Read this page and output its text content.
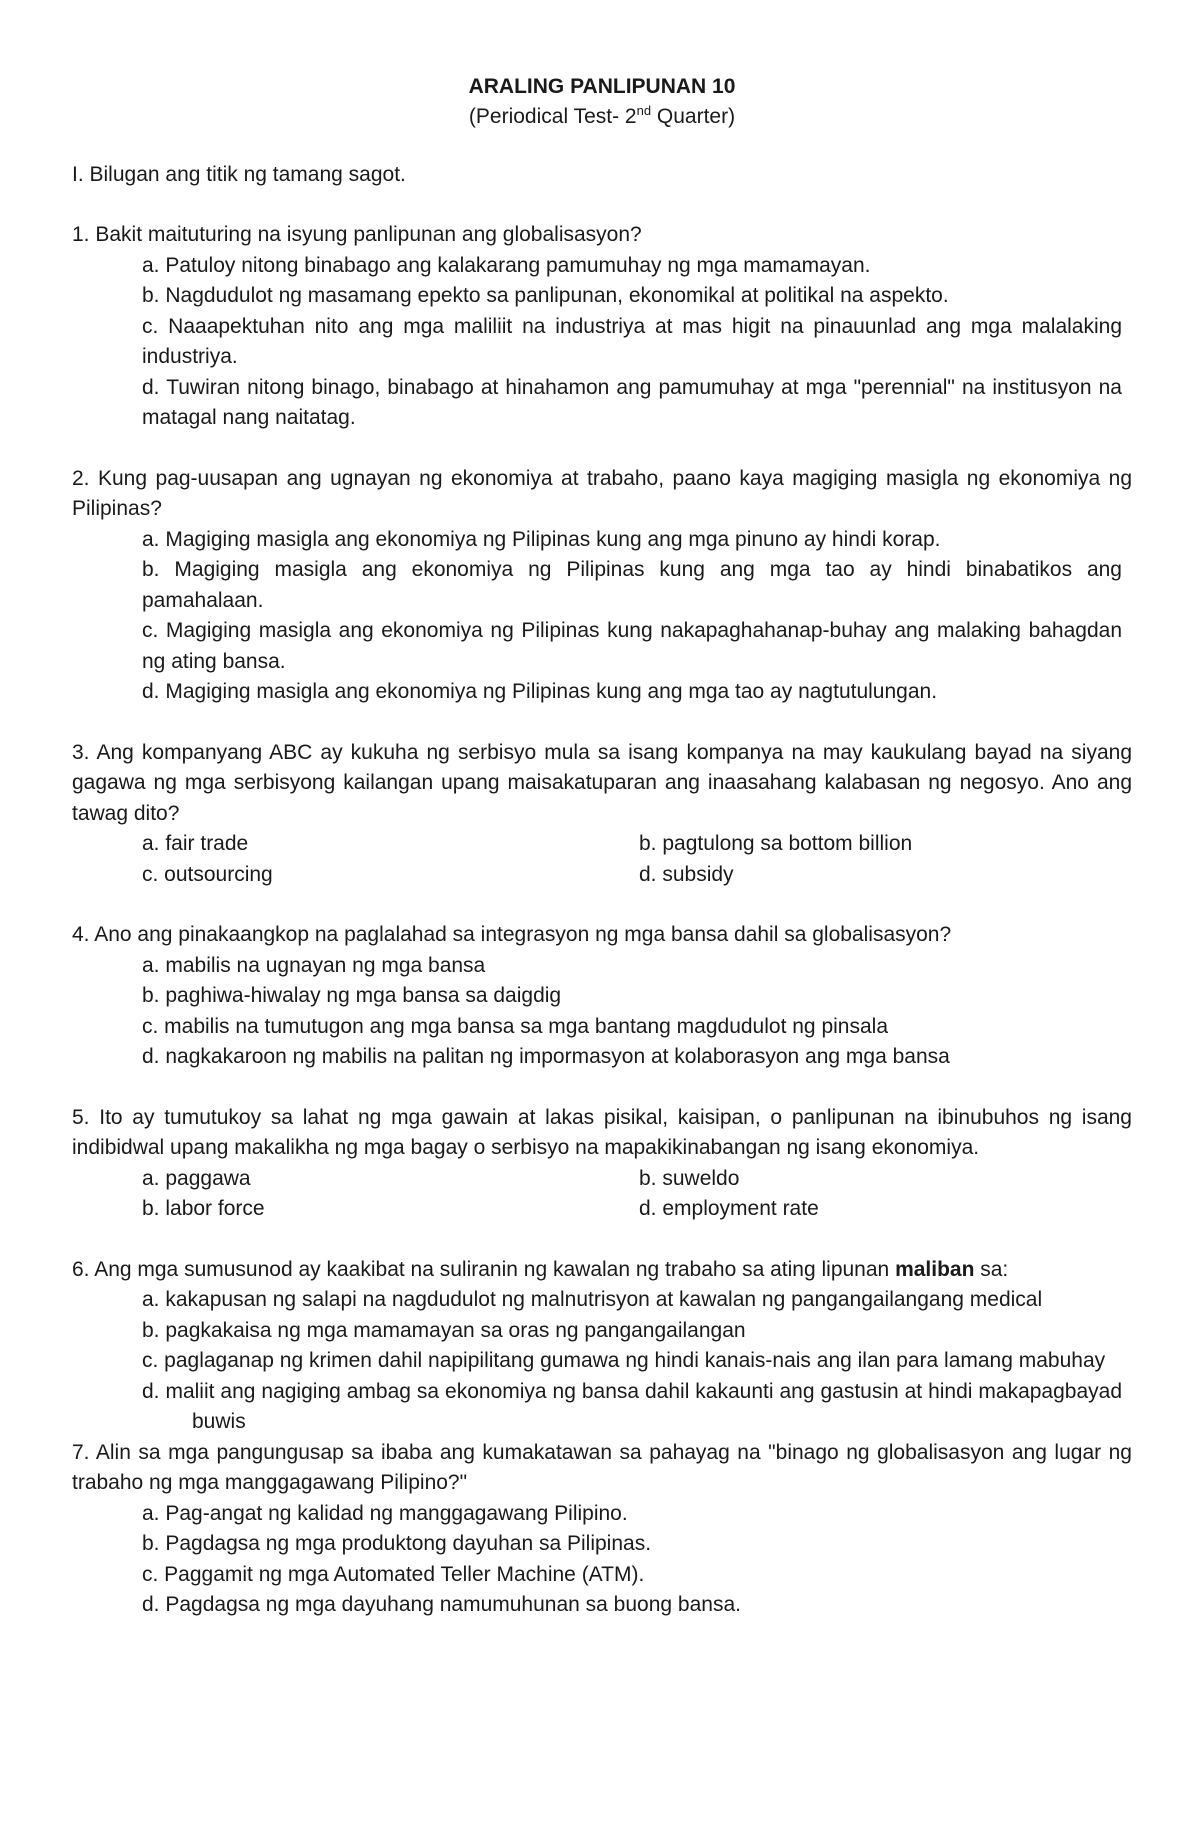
ARALING PANLIPUNAN 10
(Periodical Test- 2nd Quarter)
I. Bilugan ang titik ng tamang sagot.
1. Bakit maituturing na isyung panlipunan ang globalisasyon?
a. Patuloy nitong binabago ang kalakarang pamumuhay ng mga mamamayan.
b. Nagdudulot ng masamang epekto sa panlipunan, ekonomikal at politikal na aspekto.
c. Naaapektuhan nito ang mga maliliit na industriya at mas higit na pinauunlad ang mga malalaking industriya.
d. Tuwiran nitong binago, binabago at hinahamon ang pamumuhay at mga "perennial" na institusyon na matagal nang naitatag.
2. Kung pag-uusapan ang ugnayan ng ekonomiya at trabaho, paano kaya magiging masigla ng ekonomiya ng Pilipinas?
a. Magiging masigla ang ekonomiya ng Pilipinas kung ang mga pinuno ay hindi korap.
b. Magiging masigla ang ekonomiya ng Pilipinas kung ang mga tao ay hindi binabatikos ang pamahalaan.
c. Magiging masigla ang ekonomiya ng Pilipinas kung nakapaghahanap-buhay ang malaking bahagdan ng ating bansa.
d. Magiging masigla ang ekonomiya ng Pilipinas kung ang mga tao ay nagtutulungan.
3. Ang kompanyang ABC ay kukuha ng serbisyo mula sa isang kompanya na may kaukulang bayad na siyang gagawa ng mga serbisyong kailangan upang maisakatuparan ang inaasahang kalabasan ng negosyo. Ano ang tawag dito?
a. fair trade	b. pagtulong sa bottom billion
c. outsourcing	d. subsidy
4. Ano ang pinakaangkop na paglalahad sa integrasyon ng mga bansa dahil sa globalisasyon?
a. mabilis na ugnayan ng mga bansa
b. paghiwa-hiwalay ng mga bansa sa daigdig
c. mabilis na tumutugon ang mga bansa sa mga bantang magdudulot ng pinsala
d. nagkakaroon ng mabilis na palitan ng impormasyon at kolaborasyon ang mga bansa
5. Ito ay tumutukoy sa lahat ng mga gawain at lakas pisikal, kaisipan, o panlipunan na ibinubuhos ng isang indibidwal upang makalikha ng mga bagay o serbisyo na mapakikinabangan ng isang ekonomiya.
a. paggawa	b. suweldo
b. labor force	d. employment rate
6. Ang mga sumusunod ay kaakibat na suliranin ng kawalan ng trabaho sa ating lipunan maliban sa:
a. kakapusan ng salapi na nagdudulot ng malnutrisyon at kawalan ng pangangailangang medical
b. pagkakaisa ng mga mamamayan sa oras ng pangangailangan
c. paglaganap ng krimen dahil napipilitang gumawa ng hindi kanais-nais ang ilan para lamang mabuhay
d. maliit ang nagiging ambag sa ekonomiya ng bansa dahil kakaunti ang gastusin at hindi makapagbayadbuwis
7. Alin sa mga pangungusap sa ibaba ang kumakatawan sa pahayag na "binago ng globalisasyon ang lugar ng trabaho ng mga manggagawang Pilipino?"
a. Pag-angat ng kalidad ng manggagawang Pilipino.
b. Pagdagsa ng mga produktong dayuhan sa Pilipinas.
c. Paggamit ng mga Automated Teller Machine (ATM).
d. Pagdagsa ng mga dayuhang namumuhunan sa buong bansa.
